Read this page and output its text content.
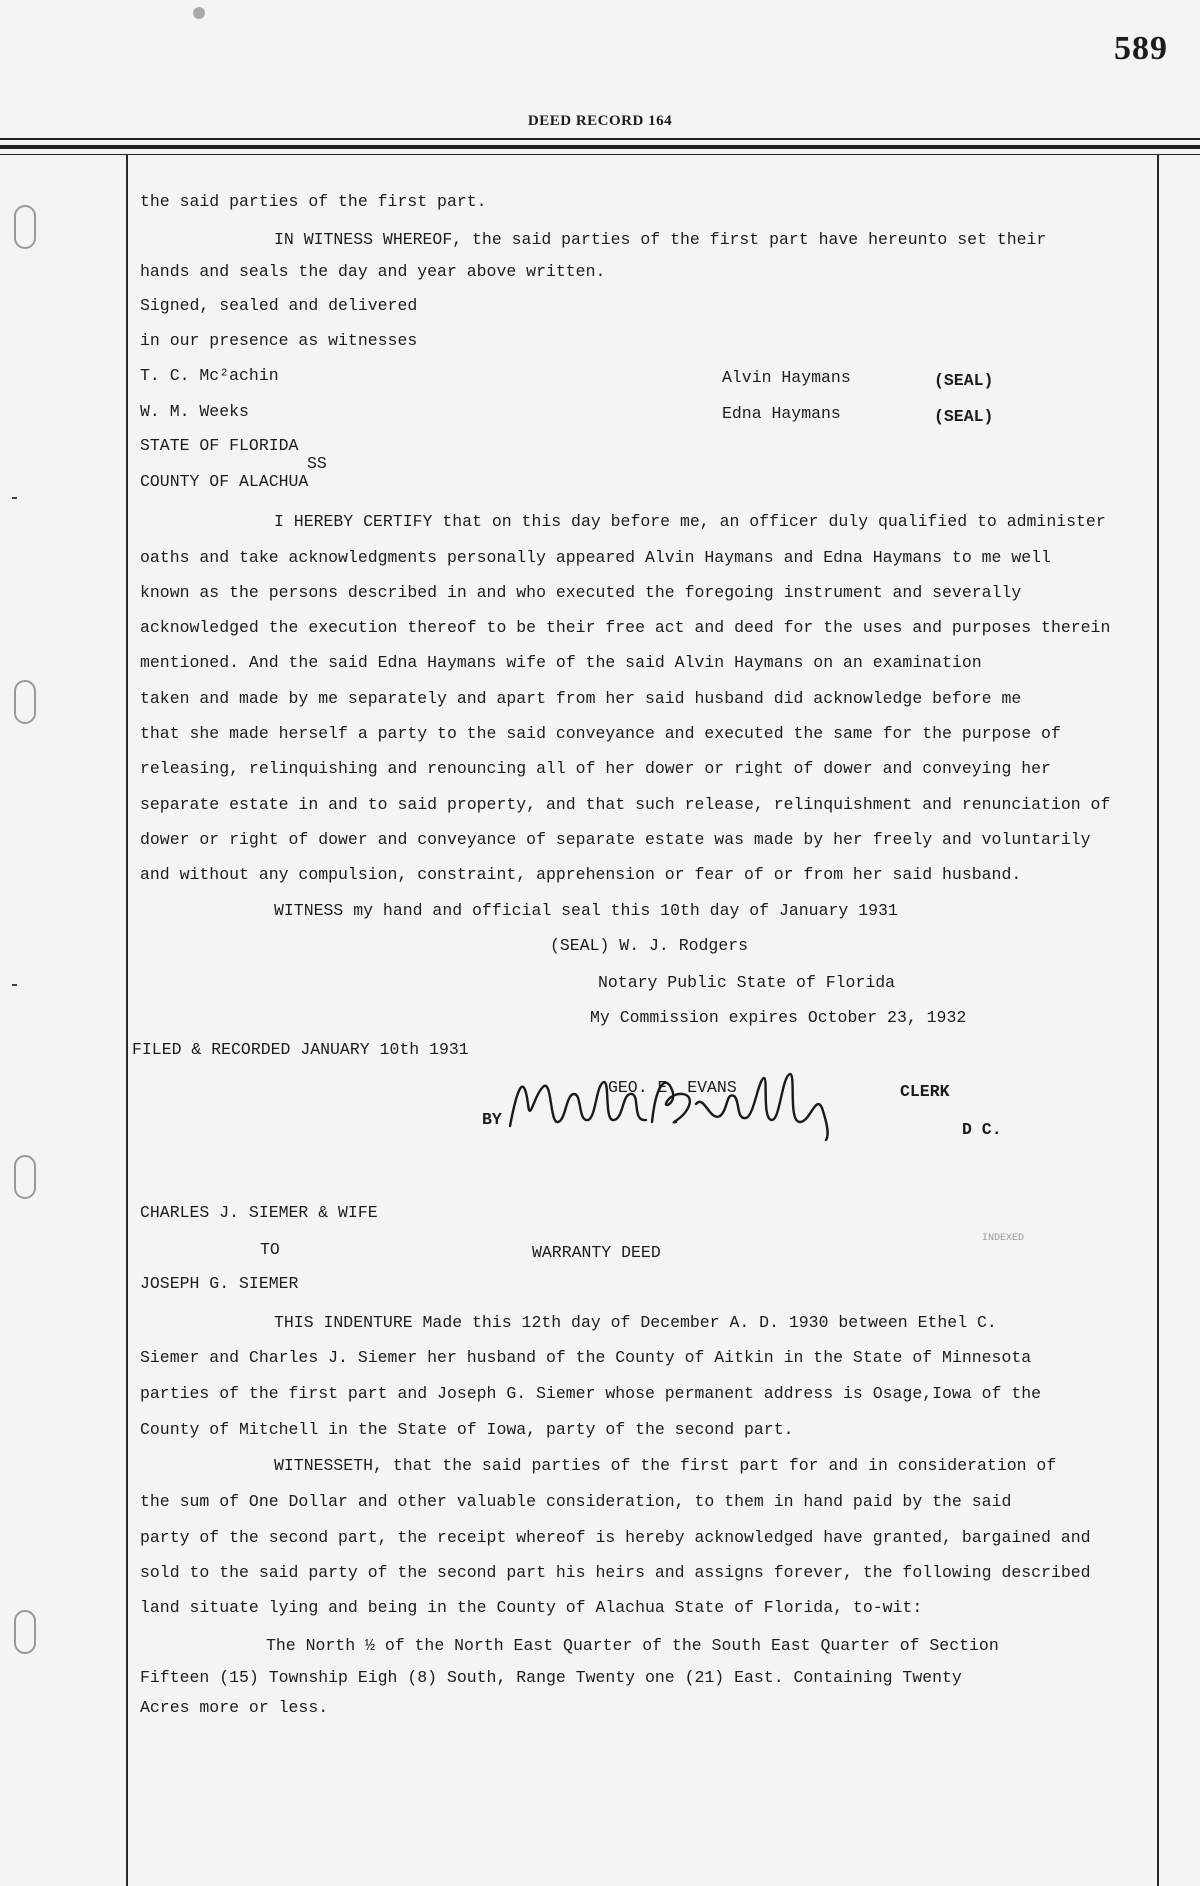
589
DEED RECORD 164
the said parties of the first part.
IN WITNESS WHEREOF, the said parties of the first part have hereunto set their
hands and seals the day and year above written.
Signed, sealed and delivered
in our presence as witnesses
T. C. Mc²achin	Alvin Haymans	(SEAL)
W. M. Weeks	Edna Haymans	(SEAL)
STATE OF FLORIDA
SS
COUNTY OF ALACHUA
I HEREBY CERTIFY that on this day before me, an officer duly qualified to administer
oaths and take acknowledgments personally appeared Alvin Haymans and Edna Haymans to me well
known as the persons described in and who executed the foregoing instrument and severally
acknowledged the execution thereof to be their free act and deed for the uses and purposes therein
mentioned. And the said Edna Haymans wife of the said Alvin Haymans on an examination
taken and made by me separately and apart from her said husband did acknowledge before me
that she made herself a party to the said conveyance and executed the same for the purpose of
releasing, relinquishing and renouncing all of her dower or right of dower and conveying her
separate estate in and to said property, and that such release, relinquishment and renunciation of
dower or right of dower and conveyance of separate estate was made by her freely and voluntarily
and without any compulsion, constraint, apprehension or fear of or from her said husband.
WITNESS my hand and official seal this 10th day of January 1931
(SEAL) W. J. Rodgers
Notary Public State of Florida
My Commission expires October 23, 1932
FILED & RECORDED JANUARY 10th 1931
GEO. E. EVANS	CLERK
BY
D C.
CHARLES J. SIEMER & WIFE
TO	WARRANTY DEED
INDEXED
JOSEPH G. SIEMER
THIS INDENTURE Made this 12th day of December A. D. 1930 between Ethel C.
Siemer and Charles J. Siemer her husband of the County of Aitkin in the State of Minnesota
parties of the first part and Joseph G. Siemer whose permanent address is Osage,Iowa of the
County of Mitchell in the State of Iowa, party of the second part.
WITNESSETH, that the said parties of the first part for and in consideration of
the sum of One Dollar and other valuable consideration, to them in hand paid by the said
party of the second part, the receipt whereof is hereby acknowledged have granted, bargained and
sold to the said party of the second part his heirs and assigns forever, the following described
land situate lying and being in the County of Alachua State of Florida, to-wit:
The North ½ of the North East Quarter of the South East Quarter of Section
Fifteen (15) Township Eigh (8) South, Range Twenty one (21) East. Containing Twenty
Acres more or less.
